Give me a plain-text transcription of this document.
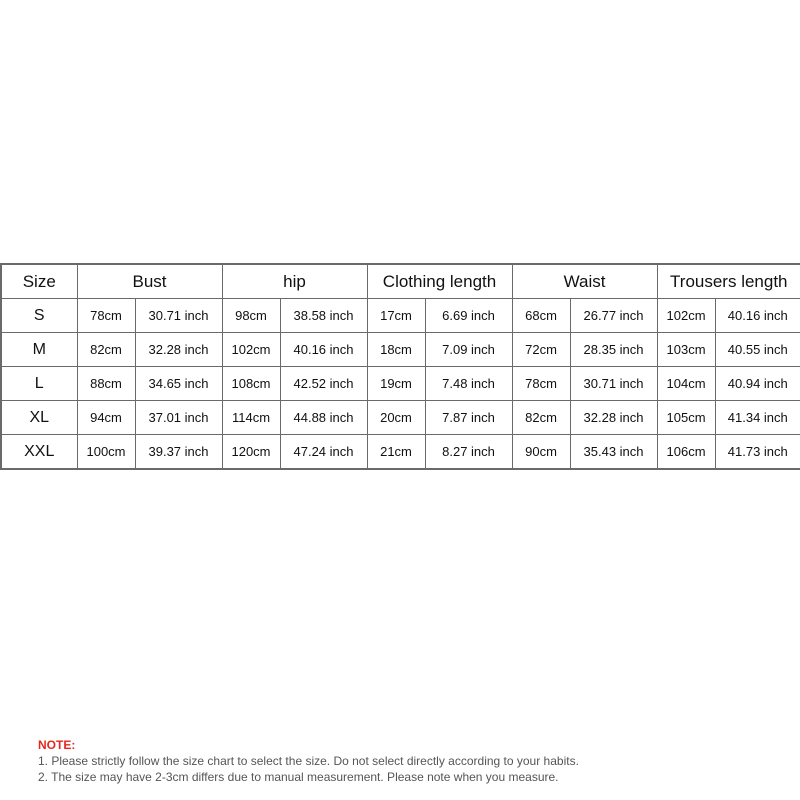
Size	Bust		hip		Clothing length		Waist		Trousers length	
S	78cm	30.71 inch	98cm	38.58 inch	17cm	6.69 inch	68cm	26.77 inch	102cm	40.16 inch
M	82cm	32.28 inch	102cm	40.16 inch	18cm	7.09 inch	72cm	28.35 inch	103cm	40.55 inch
L	88cm	34.65 inch	108cm	42.52 inch	19cm	7.48 inch	78cm	30.71 inch	104cm	40.94 inch
XL	94cm	37.01 inch	114cm	44.88 inch	20cm	7.87 inch	82cm	32.28 inch	105cm	41.34 inch
XXL	100cm	39.37 inch	120cm	47.24 inch	21cm	8.27 inch	90cm	35.43 inch	106cm	41.73 inch
NOTE:
1. Please strictly follow the size chart to select the size. Do not select directly according to your habits.
2. The size may have 2-3cm differs due to manual measurement. Please note when you measure.
